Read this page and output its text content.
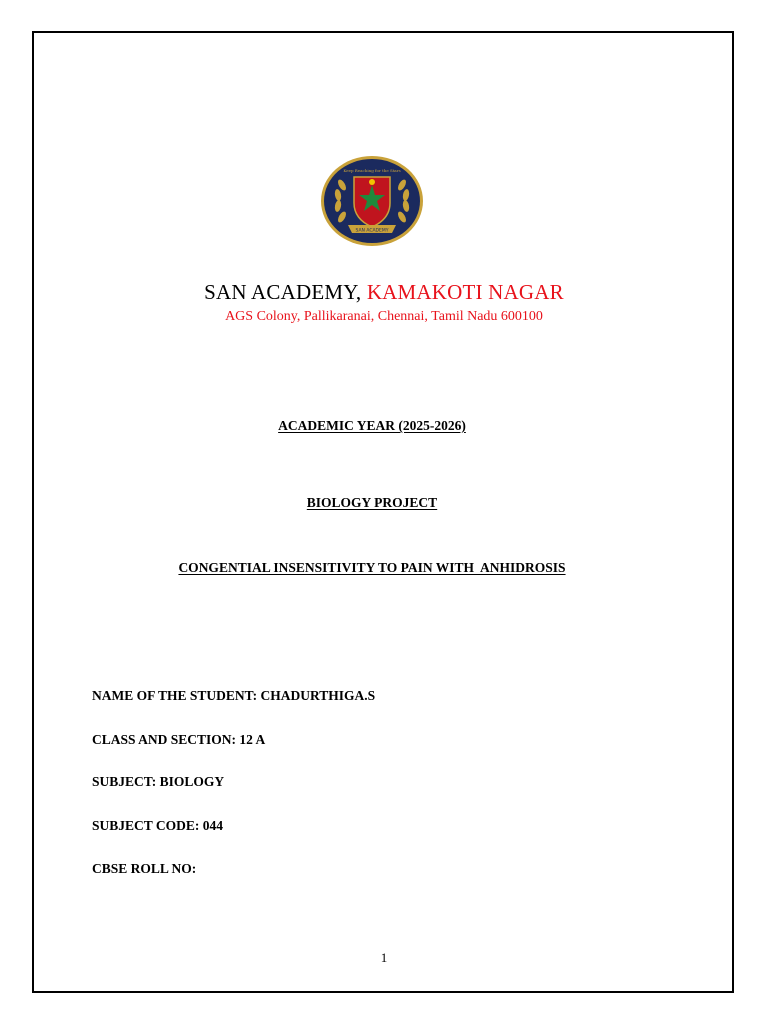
SAN ACADEMY
Keep Reaching for the Stars
SAN ACADEMY, KAMAKOTI NAGAR
AGS Colony, Pallikaranai, Chennai, Tamil Nadu 600100
ACADEMIC YEAR (2025-2026)
BIOLOGY PROJECT
CONGENTIAL INSENSITIVITY TO PAIN WITH  ANHIDROSIS
NAME OF THE STUDENT: CHADURTHIGA.S
CLASS AND SECTION: 12 A
SUBJECT: BIOLOGY
SUBJECT CODE: 044
CBSE ROLL NO:
1
